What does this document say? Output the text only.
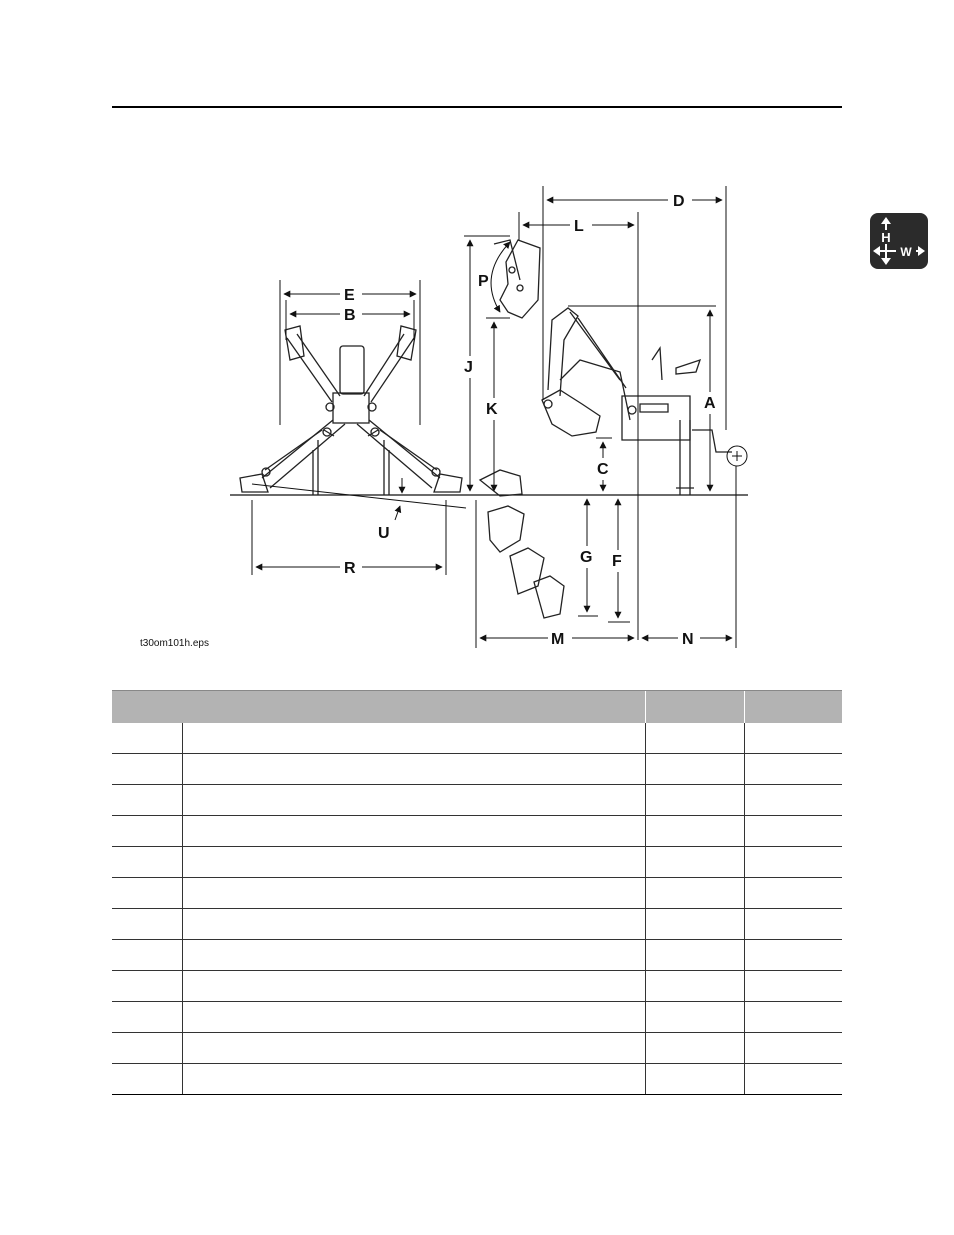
H
W
E
B
R
U
D
L
P
J
K	A
C
G F
M	N
t30om101h.eps
